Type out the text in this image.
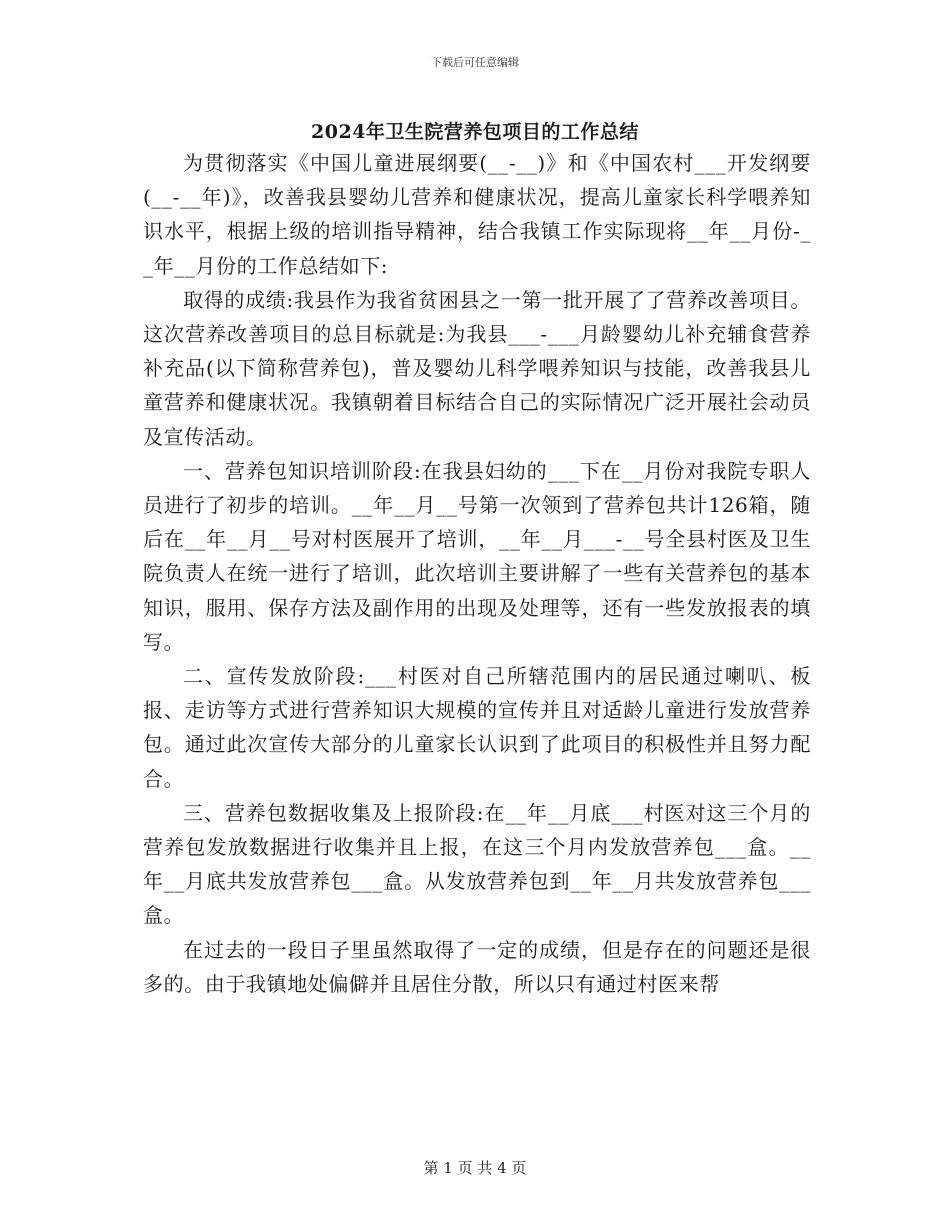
下载后可任意编辑
2024年卫生院营养包项目的工作总结

为贯彻落实《中国儿童进展纲要(__-__)》和《中国农村___开发纲要(__-__年)》，改善我县婴幼儿营养和健康状况，提高儿童家长科学喂养知识水平，根据上级的培训指导精神，结合我镇工作实际现将__年__月份-__年__月份的工作总结如下:

取得的成绩:我县作为我省贫困县之一第一批开展了了营养改善项目。这次营养改善项目的总目标就是:为我县___-___月龄婴幼儿补充辅食营养补充品(以下简称营养包)，普及婴幼儿科学喂养知识与技能，改善我县儿童营养和健康状况。我镇朝着目标结合自己的实际情况广泛开展社会动员及宣传活动。

一、营养包知识培训阶段:在我县妇幼的___下在__月份对我院专职人员进行了初步的培训。__年__月__号第一次领到了营养包共计126箱，随后在__年__月__号对村医展开了培训，__年__月___-__号全县村医及卫生院负责人在统一进行了培训，此次培训主要讲解了一些有关营养包的基本知识，服用、保存方法及副作用的出现及处理等，还有一些发放报表的填写。

二、宣传发放阶段:___村医对自己所辖范围内的居民通过喇叭、板报、走访等方式进行营养知识大规模的宣传并且对适龄儿童进行发放营养包。通过此次宣传大部分的儿童家长认识到了此项目的积极性并且努力配合。

三、营养包数据收集及上报阶段:在__年__月底___村医对这三个月的营养包发放数据进行收集并且上报，在这三个月内发放营养包___盒。__年__月底共发放营养包___盒。从发放营养包到__年__月共发放营养包___盒。

在过去的一段日子里虽然取得了一定的成绩，但是存在的问题还是很多的。由于我镇地处偏僻并且居住分散，所以只有通过村医来帮

第 1 页 共 4 页
